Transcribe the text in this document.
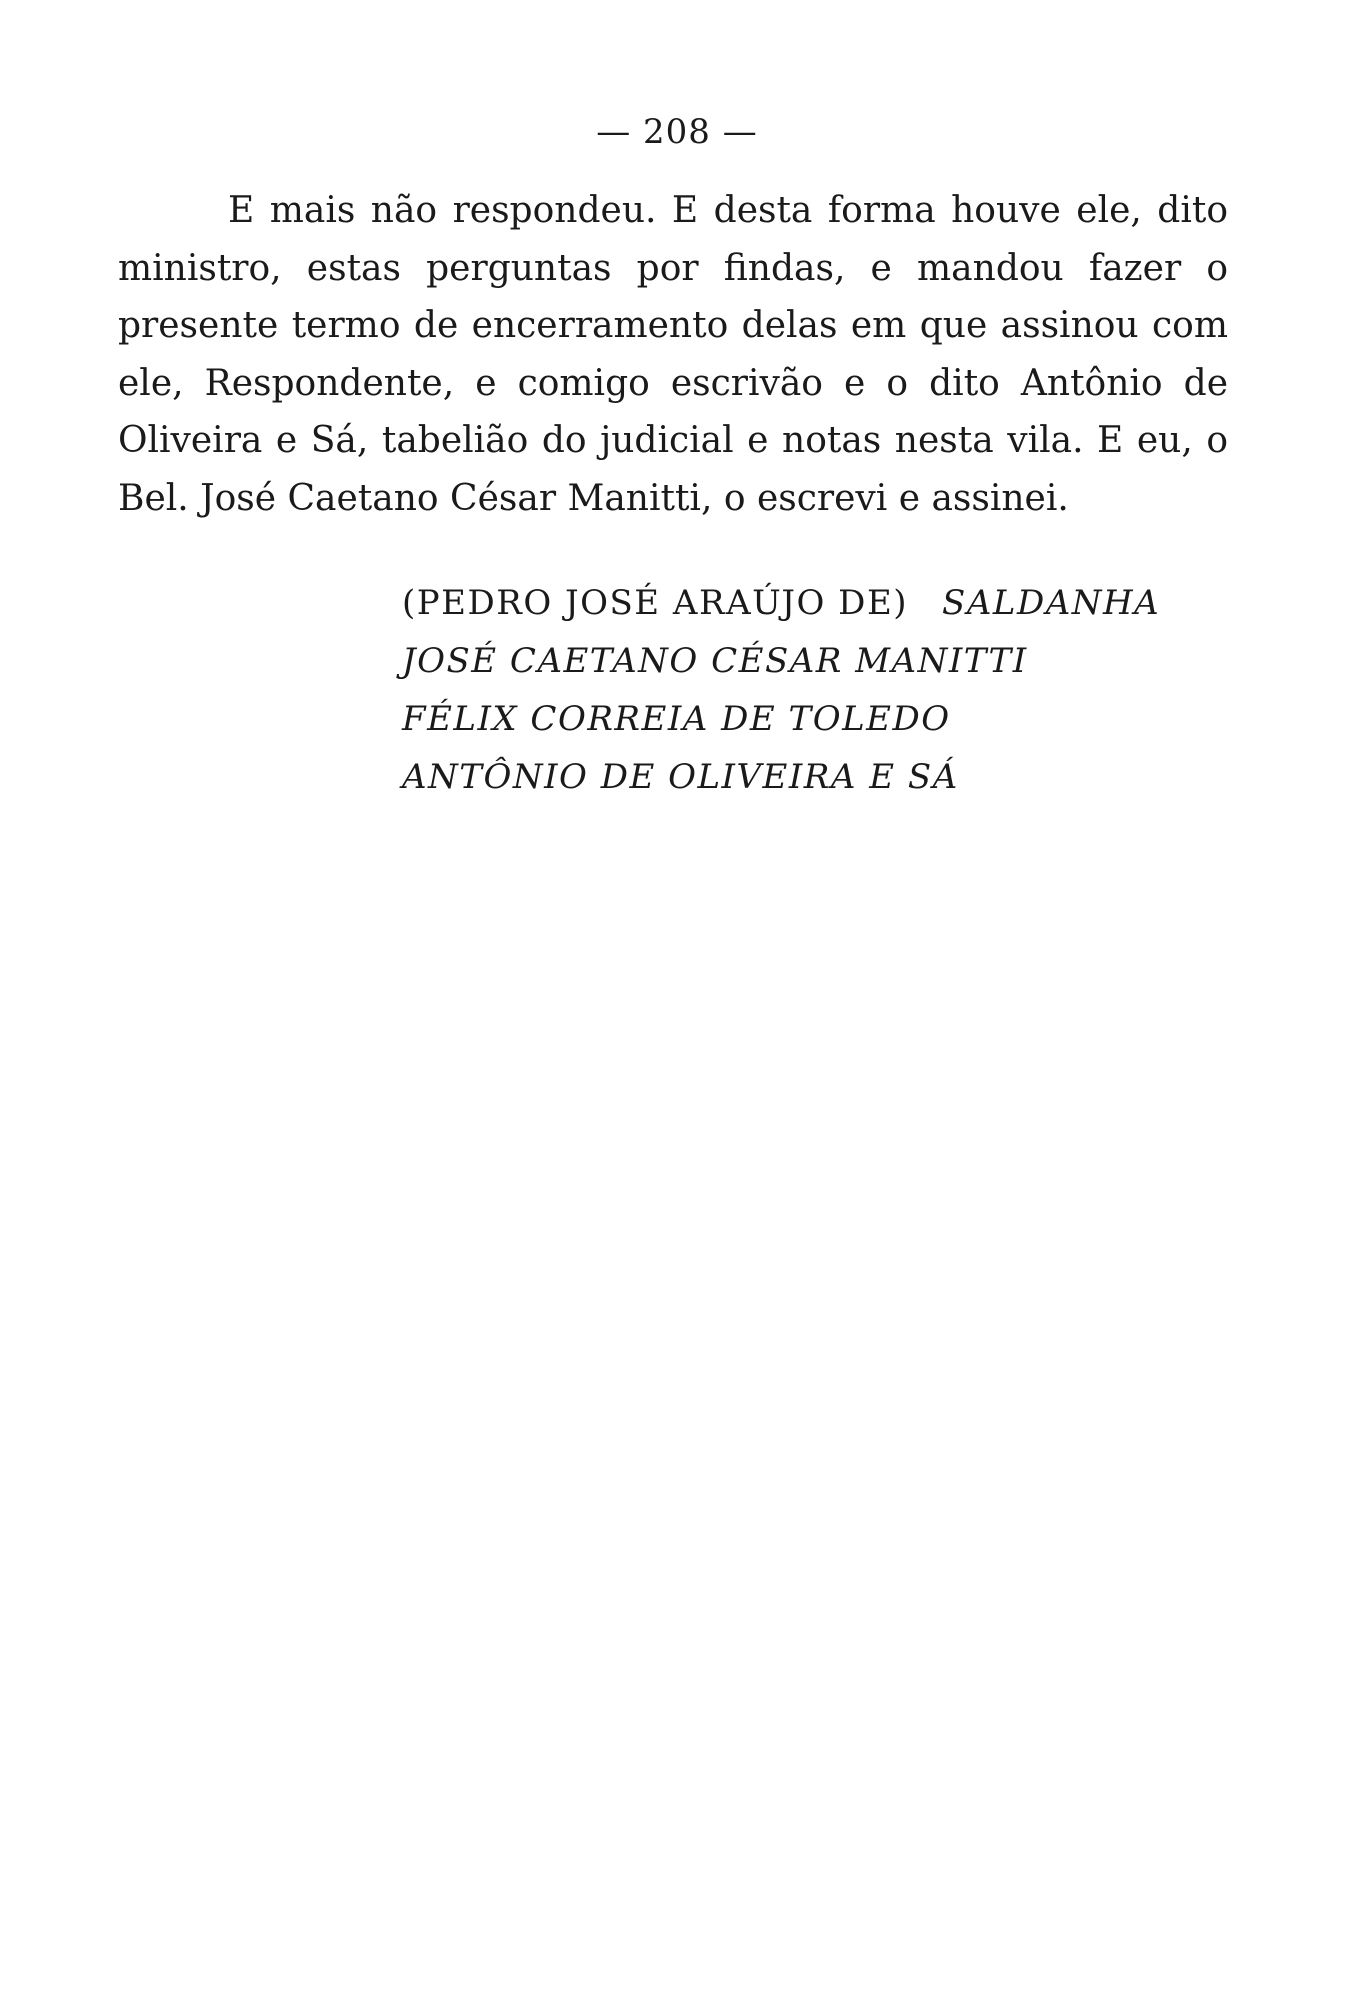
— 208 —

E mais não respondeu. E desta forma houve ele, dito ministro, estas perguntas por findas, e mandou fazer o presente termo de encerramento delas em que assinou com ele, Respondente, e comigo escrivão e o dito Antônio de Oliveira e Sá, tabelião do judicial e notas nesta vila. E eu, o Bel. José Caetano César Manitti, o escrevi e assinei.

(PEDRO JOSÉ ARAÚJO DE) SALDANHA
JOSÉ CAETANO CÉSAR MANITTI
FÉLIX CORREIA DE TOLEDO
ANTÔNIO DE OLIVEIRA E SÁ
